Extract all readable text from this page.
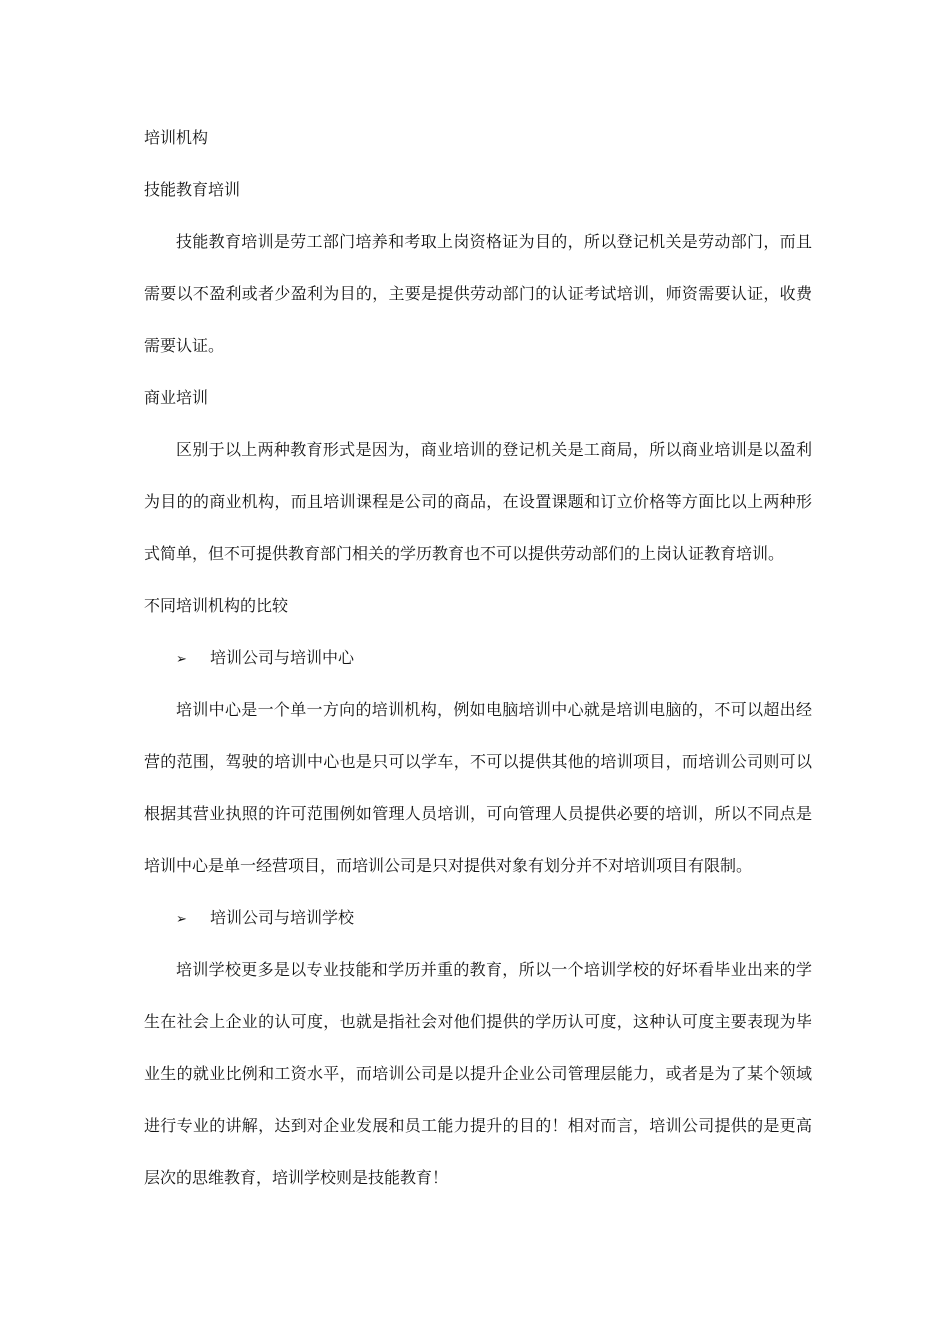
培训机构

技能教育培训

技能教育培训是劳工部门培养和考取上岗资格证为目的，所以登记机关是劳动部门，而且需要以不盈利或者少盈利为目的，主要是提供劳动部门的认证考试培训，师资需要认证，收费需要认证。

商业培训

区别于以上两种教育形式是因为，商业培训的登记机关是工商局，所以商业培训是以盈利为目的的商业机构，而且培训课程是公司的商品，在设置课题和订立价格等方面比以上两种形式简单，但不可提供教育部门相关的学历教育也不可以提供劳动部们的上岗认证教育培训。

不同培训机构的比较

➢ 培训公司与培训中心

培训中心是一个单一方向的培训机构，例如电脑培训中心就是培训电脑的，不可以超出经营的范围，驾驶的培训中心也是只可以学车，不可以提供其他的培训项目，而培训公司则可以根据其营业执照的许可范围例如管理人员培训，可向管理人员提供必要的培训，所以不同点是培训中心是单一经营项目，而培训公司是只对提供对象有划分并不对培训项目有限制。

➢ 培训公司与培训学校

培训学校更多是以专业技能和学历并重的教育，所以一个培训学校的好坏看毕业出来的学生在社会上企业的认可度，也就是指社会对他们提供的学历认可度，这种认可度主要表现为毕业生的就业比例和工资水平，而培训公司是以提升企业公司管理层能力，或者是为了某个领域进行专业的讲解，达到对企业发展和员工能力提升的目的！相对而言，培训公司提供的是更高层次的思维教育，培训学校则是技能教育！
